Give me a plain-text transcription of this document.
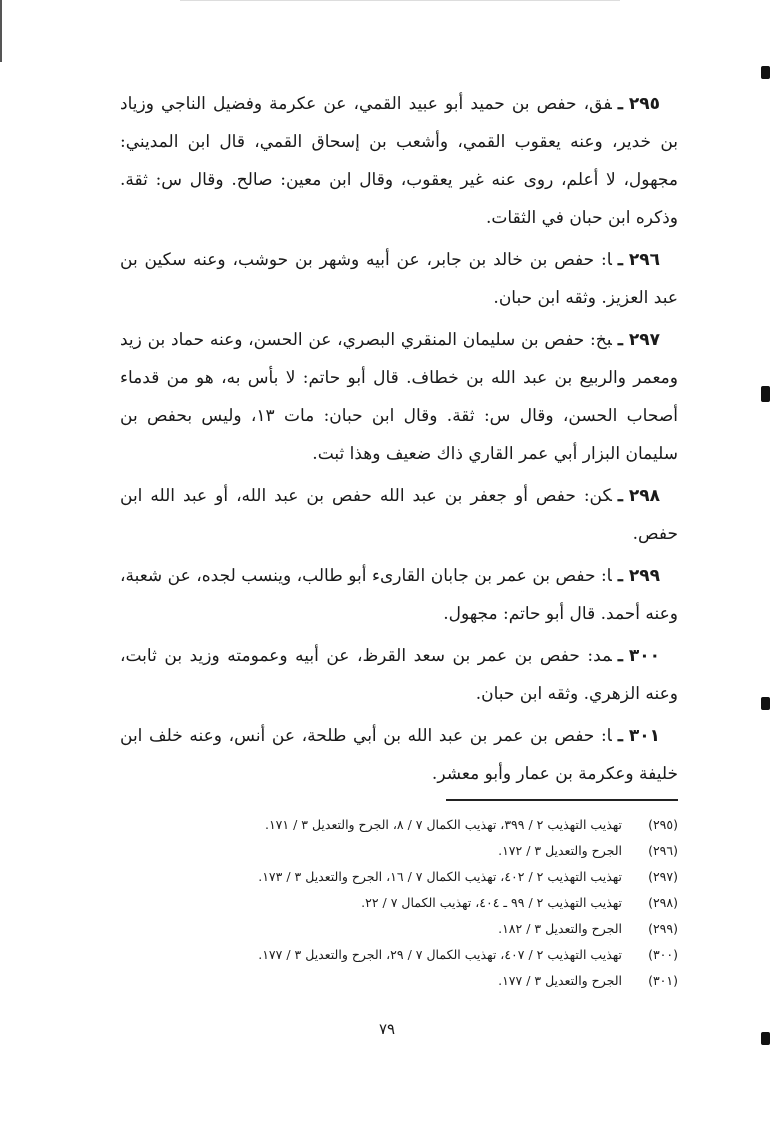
٢٩٥ـفق، حفص بن حميد أبو عبيد القمي، عن عكرمة وفضيل الناجي وزياد بن خدير، وعنه يعقوب القمي، وأشعب بن إسحاق القمي، قال ابن المديني: مجهول، لا أعلم، روى عنه غير يعقوب، وقال ابن معين: صالح. وقال س: ثقة. وذكره ابن حبان في الثقات.

٢٩٦ـا: حفص بن خالد بن جابر، عن أبيه وشهر بن حوشب، وعنه سكين بن عبد العزيز. وثقه ابن حبان.

٢٩٧ـبخ: حفص بن سليمان المنقري البصري، عن الحسن، وعنه حماد بن زيد ومعمر والربيع بن عبد الله بن خطاف. قال أبو حاتم: لا بأس به، هو من قدماء أصحاب الحسن، وقال س: ثقة. وقال ابن حبان: مات ١٣، وليس بحفص بن سليمان البزار أبي عمر القاري ذاك ضعيف وهذا ثبت.

٢٩٨ـكن: حفص أو جعفر بن عبد الله حفص بن عبد الله، أو عبد الله ابن حفص.

٢٩٩ـا: حفص بن عمر بن جابان القارىء أبو طالب، وينسب لجده، عن شعبة، وعنه أحمد. قال أبو حاتم: مجهول.

٣٠٠ـمد: حفص بن عمر بن سعد القرظ، عن أبيه وعمومته وزيد بن ثابت، وعنه الزهري. وثقه ابن حبان.

٣٠١ـا: حفص بن عمر بن عبد الله بن أبي طلحة، عن أنس، وعنه خلف ابن خليفة وعكرمة بن عمار وأبو معشر.

(٢٩٥)تهذيب التهذيب ٢ / ٣٩٩، تهذيب الكمال ٧ / ٨، الجرح والتعديل ٣ / ١٧١.
(٢٩٦)الجرح والتعديل ٣ / ١٧٢.
(٢٩٧)تهذيب التهذيب ٢ / ٤٠٢، تهذيب الكمال ٧ / ١٦، الجرح والتعديل ٣ / ١٧٣.
(٢٩٨)تهذيب التهذيب ٢ / ٩٩ ـ ٤٠٤، تهذيب الكمال ٧ / ٢٢.
(٢٩٩)الجرح والتعديل ٣ / ١٨٢.
(٣٠٠)تهذيب التهذيب ٢ / ٤٠٧، تهذيب الكمال ٧ / ٢٩، الجرح والتعديل ٣ / ١٧٧.
(٣٠١)الجرح والتعديل ٣ / ١٧٧.
٧٩
